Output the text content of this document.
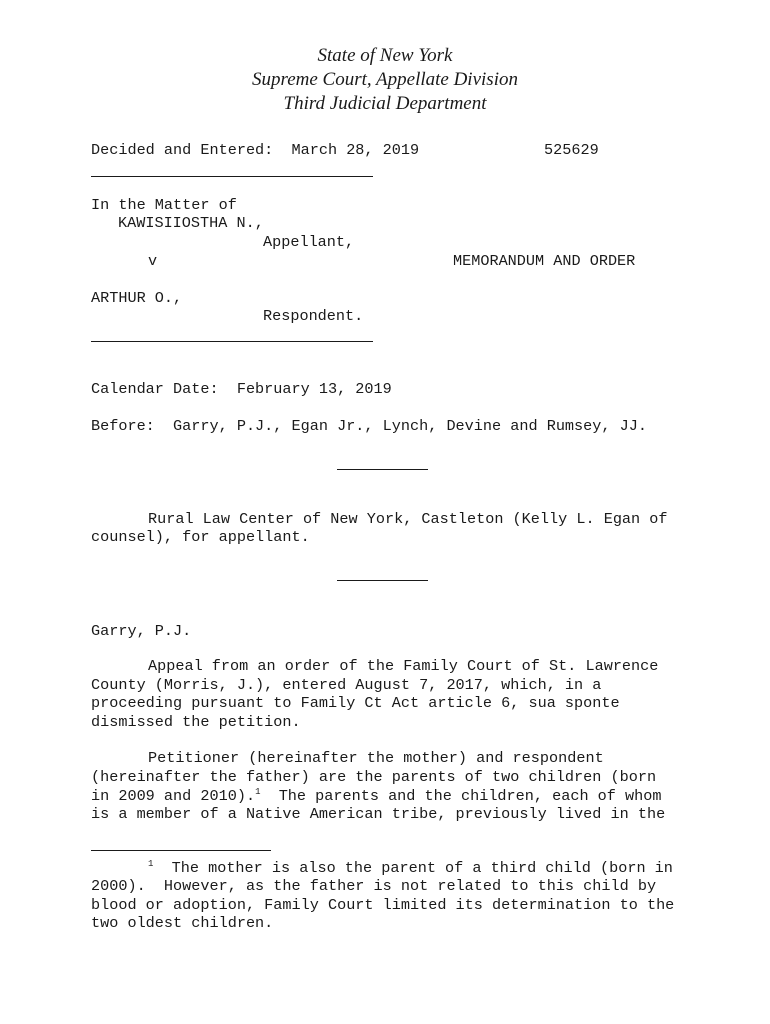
State of New York
Supreme Court, Appellate Division
Third Judicial Department
Decided and Entered:  March 28, 2019	525629
In the Matter of
KAWISIIOSTHA N.,
Appellant,
v	MEMORANDUM AND ORDER
ARTHUR O.,
Respondent.
Calendar Date:  February 13, 2019
Before:  Garry, P.J., Egan Jr., Lynch, Devine and Rumsey, JJ.
Rural Law Center of New York, Castleton (Kelly L. Egan of
counsel), for appellant.
Garry, P.J.
Appeal from an order of the Family Court of St. Lawrence
County (Morris, J.), entered August 7, 2017, which, in a
proceeding pursuant to Family Ct Act article 6, sua sponte
dismissed the petition.
Petitioner (hereinafter the mother) and respondent
(hereinafter the father) are the parents of two children (born
in 2009 and 2010).$^1$  The parents and the children, each of whom
is a member of a Native American tribe, previously lived in the
$^1$  The mother is also the parent of a third child (born in
2000).  However, as the father is not related to this child by
blood or adoption, Family Court limited its determination to the
two oldest children.
